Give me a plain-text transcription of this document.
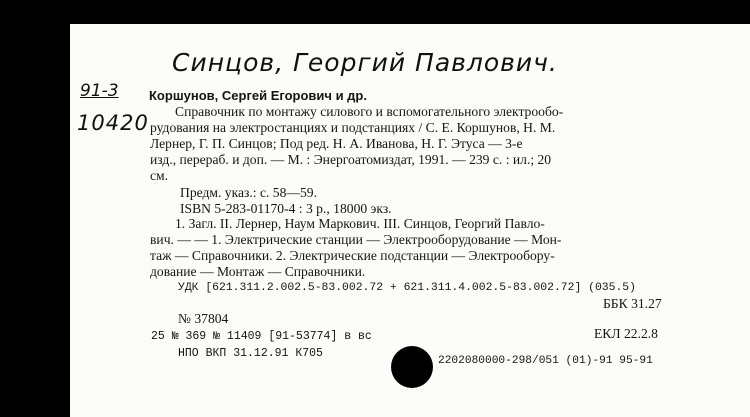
Синцов, Георгий Павлович.
91-3
10420
Коршунов, Сергей Егорович и др.
Справочник по монтажу силового и вспомогательного электрообо-
рудования на электростанциях и подстанциях / С. Е. Коршунов, Н. М.
Лернер, Г. П. Синцов; Под ред. Н. А. Иванова, Н. Г. Этуса — 3-е
изд., перераб. и доп. — М. : Энергоатомиздат, 1991. — 239 с. : ил.; 20
см.
Предм. указ.: с. 58—59.
ISBN 5-283-01170-4 : 3 р., 18000 экз.
1. Загл. II. Лернер, Наум Маркович. III. Синцов, Георгий Павло-
вич. — — 1. Электрические станции — Электрооборудование — Мон-
таж — Справочники. 2. Электрические подстанции — Электрообору-
дование — Монтаж — Справочники.
УДК [621.311.2.002.5-83.002.72 + 621.311.4.002.5-83.002.72] (035.5)
ББК 31.27
№ 37804
25 № 369 № 11409 [91-53774] в вс	ЕКЛ 22.2.8
НПО ВКП 31.12.91 К705
2202080000-298/051 (01)-91 95-91
